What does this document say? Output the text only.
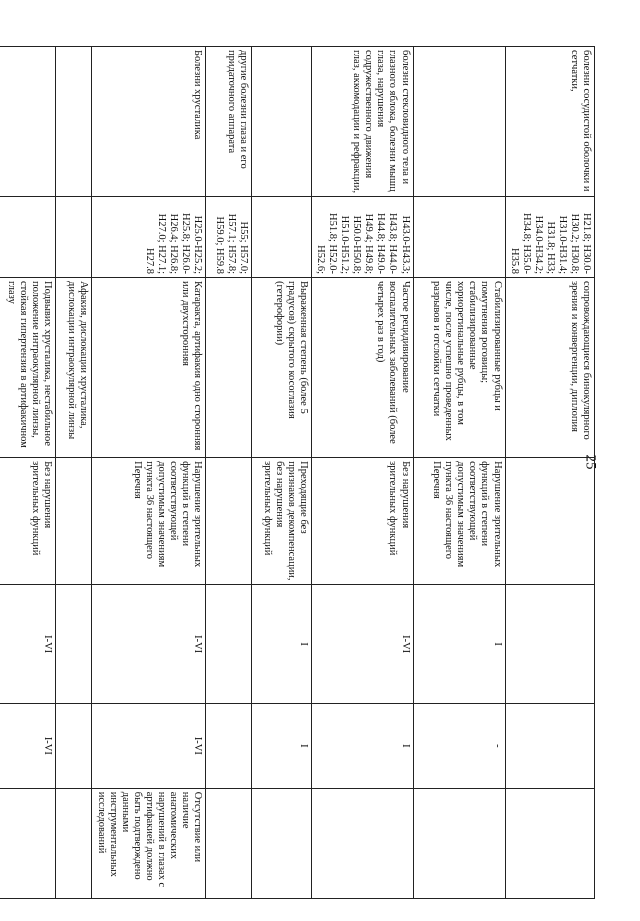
25
	болезни сосудистой оболочки и сетчатки,	H21.8; H30.0-H30.2; H30.8; H31.0-H31.4; H31.8; H33; H34.0-H34.2; H34.8; H35.0-H35.8	сопровождающиеся бинокулярного зрения и конвергенции, диплопия				
			Стабилизированные рубцы и помутнения роговицы; стабилизированные хориоретинальные рубцы, в том числе, после успешно проведенных разрывов и отслойки сетчатки	Нарушение зрительных функций в степени соответствующей допустимым значениям пункта 36 настоящего Перечня	I	-	
	болезни стекловидного тела и глазного яблока, болезни мышц глаза, нарушения содружественного движения глаз, аккомодации и рефракции,	H43.0-H43.3; H43.8; H44.0-H44.8; H49.0-H49.4; H49.8; H50.0-H50.8; H51.0-H51.2; H51.8; H52.0-H52.6;	Частое рецидивирование воспалительных заболеваний (более четырех раз в год)	Без нарушения зрительных функций	I-VI	I	
			Выраженная степень (более 5 градусов) скрытого косоглазия (гетерофории)	Преходящие без признаков декомпенсации, без нарушения зрительных функций	I	I	
	другие болезни глаза и его придаточного аппарата	H55; H57.0; H57.1; H57.8; H59.0; H59.8					
	Болезни хрусталика	H25.0-H25.2; H25.8; H26.0-H26.4; H26.8; H27.0; H27.1; H27.8	Катаракта, артифакия одно сторонняя или двухсторонняя	Нарушение зрительных функций в степени соответствующей допустимым значениям пункта 36 настоящего Перечня	I-VI	I-VI	Отсутствие или наличие анатомических нарушений в глазах с артифакией должно быть подтверждено данными инструментальных исследований
			Афакия, дислокации хрусталика, дислокации интраокулярной линзы				
			Подвывих хрусталика, нестабильное положение интраокулярной линзы, стойкая гипертензия в артифакичном глазу	Без нарушения зрительных функций	I-VI	I-VI	
